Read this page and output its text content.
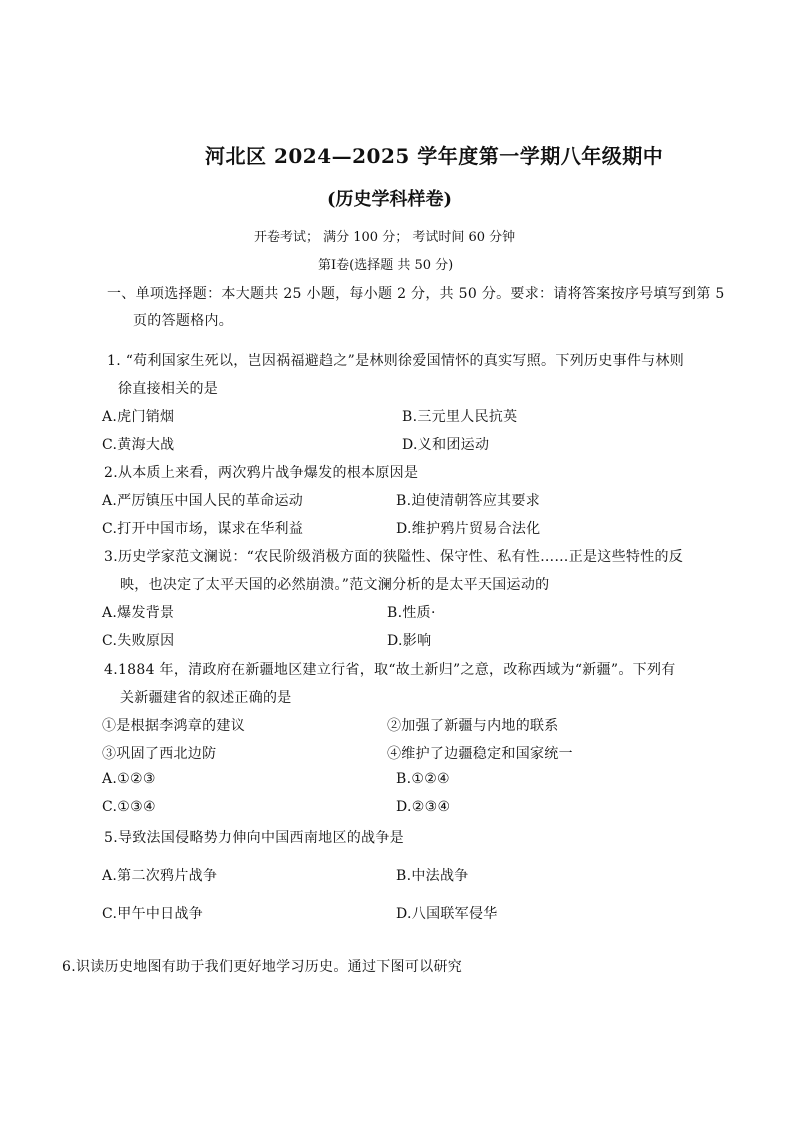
河北区 2024—2025 学年度第一学期八年级期中
(历史学科样卷)
开卷考试； 满分 100 分； 考试时间 60 分钟
第Ⅰ卷(选择题 共 50 分)
一、单项选择题：本大题共 25 小题，每小题 2 分，共 50 分。要求：请将答案按序号填写到第 5
页的答题格内。
1. “苟利国家生死以，岂因祸福避趋之”是林则徐爱国情怀的真实写照。下列历史事件与林则
徐直接相关的是
A.虎门销烟	B.三元里人民抗英
C.黄海大战	D.义和团运动
2.从本质上来看，两次鸦片战争爆发的根本原因是
A.严厉镇压中国人民的革命运动	B.迫使清朝答应其要求
C.打开中国市场，谋求在华利益	D.维护鸦片贸易合法化
3.历史学家范文澜说：“农民阶级消极方面的狭隘性、保守性、私有性……正是这些特性的反
映，也决定了太平天国的必然崩溃。”范文澜分析的是太平天国运动的
A.爆发背景	B.性质·
C.失败原因	D.影响
4.1884 年，清政府在新疆地区建立行省，取“故土新归”之意，改称西域为“新疆”。下列有
关新疆建省的叙述正确的是
①是根据李鸿章的建议	②加强了新疆与内地的联系
③巩固了西北边防	④维护了边疆稳定和国家统一
A.①②③	B.①②④
C.①③④	D.②③④
5.导致法国侵略势力伸向中国西南地区的战争是
A.第二次鸦片战争	B.中法战争
C.甲午中日战争	D.八国联军侵华
6.识读历史地图有助于我们更好地学习历史。通过下图可以研究
